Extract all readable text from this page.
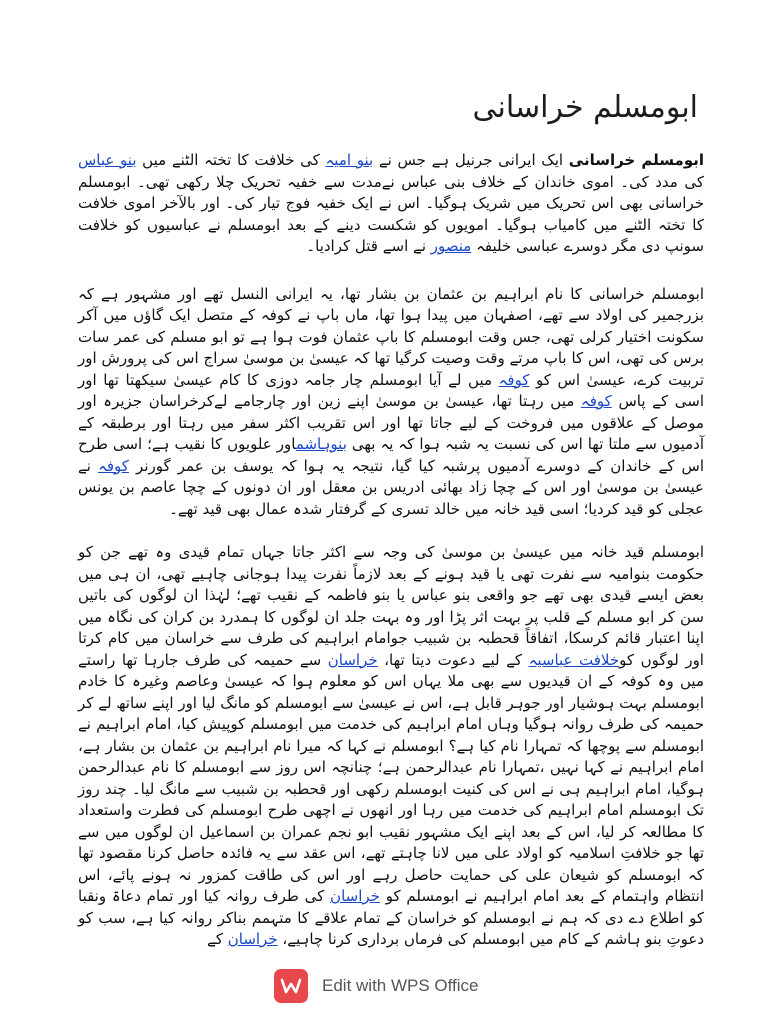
ابومسلم خراسانی

ابومسلم خراسانی ایک ایرانی جرنیل ہے جس نے بنو امیہ کی خلافت کا تختہ الٹنے میں بنو عباس کی مدد کی۔ اموی خاندان کے خلاف بنی عباس نےمدت سے خفیہ تحریک چلا رکھی تھی۔ ابومسلم خراسانی بھی اس تحریک میں شریک ہوگیا۔ اس نے ایک خفیہ فوج تیار کی۔ اور بالآخر اموی خلافت کا تختہ الٹنے میں کامیاب ہوگیا۔ امویوں کو شکست دینے کے بعد ابومسلم نے عباسیوں کو خلافت سونپ دی مگر دوسرے عباسی خلیفہ منصور نے اسے قتل کرادیا۔

ابومسلم خراسانی کا نام ابراہیم بن عثمان بن بشار تھا، یہ ایرانی النسل تھے اور مشہور ہے کہ بزرجمیر کی اولاد سے تھے، اصفہان میں پیدا ہوا تھا، ماں باپ نے کوفہ کے متصل ایک گاؤں میں آکر سکونت اختیار کرلی تھی، جس وقت ابومسلم کا باپ عثمان فوت ہوا ہے تو ابو مسلم کی عمر سات برس کی تھی، اس کا باپ مرتے وقت وصیت کرگیا تھا کہ عیسیٰ بن موسیٰ سراج اس کی پرورش اور تربیت کرے، عیسیٰ اس کو کوفہ میں لے آیا ابومسلم چار جامہ دوزی کا کام عیسیٰ سیکھتا تھا اور اسی کے پاس کوفہ میں رہتا تھا، عیسیٰ بن موسیٰ اپنے زین اور چارجامے لےکرخراسان جزیرہ اور موصل کے علاقوں میں فروخت کے لیے جاتا تھا اور اس تقریب اکثر سفر میں رہتا اور برطبقہ کے آدمیوں سے ملتا تھا اس کی نسبت یہ شبہ ہوا کہ یہ بھی بنوہاشماور علویوں کا نقیب ہے؛ اسی طرح اس کے خاندان کے دوسرے آدمیوں پرشبہ کیا گیا، نتیجہ یہ ہوا کہ یوسف بن عمر گورنر کوفہ نے عیسیٰ بن موسیٰ اور اس کے چچا زاد بھائی ادریس بن معقل اور ان دونوں کے چچا عاصم بن یونس عجلی کو قید کردیا؛ اسی قید خانہ میں خالد تسری کے گرفتار شدہ عمال بھی قید تھے۔

ابومسلم قید خانہ میں عیسیٰ بن موسیٰ کی وجہ سے اکثر جاتا جہاں تمام قیدی وہ تھے جن کو حکومت بنوامیہ سے نفرت تھی یا قید ہونے کے بعد لازماً نفرت پیدا ہوجانی چاہیے تھی، ان ہی میں بعض ایسے قیدی بھی تھے جو واقعی بنو عباس یا بنو فاطمہ کے نقیب تھے؛ لہٰذا ان لوگوں کی باتیں سن کر ابو مسلم کے قلب پر بہت اثر پڑا اور وہ بہت جلد ان لوگوں کا ہمدرد بن کران کی نگاہ میں اپنا اعتبار قائم کرسکا، اتفاقاً قحطبہ بن شبیب جوامام ابراہیم کی طرف سے خراسان میں کام کرتا اور لوگوں کوخلافت عباسیہ کے لیے دعوت دیتا تھا، خراسان سے حمیمہ کی طرف جارہا تھا راستے میں وہ کوفہ کے ان قیدیوں سے بھی ملا یہاں اس کو معلوم ہوا کہ عیسیٰ وعاصم وغیرہ کا خادم ابومسلم بہت ہوشیار اور جوہر قابل ہے، اس نے عیسیٰ سے ابومسلم کو مانگ لیا اور اپنے ساتھ لے کر حمیمہ کی طرف روانہ ہوگیا وہاں امام ابراہیم کی خدمت میں ابومسلم کوپیش کیا، امام ابراہیم نے ابومسلم سے پوچھا کہ تمہارا نام کیا ہے؟ ابومسلم نے کہا کہ میرا نام ابراہیم بن عثمان بن بشار ہے، امام ابراہیم نے کہا نہیں ،تمہارا نام عبدالرحمن ہے؛ چنانچہ اس روز سے ابومسلم کا نام عبدالرحمن ہوگیا، امام ابراہیم ہی نے اس کی کنیت ابومسلم رکھی اور قحطبہ بن شبیب سے مانگ لیا۔ چند روز تک ابومسلم امام ابراہیم کی خدمت میں رہا اور انھوں نے اچھی طرح ابومسلم کی فطرت واستعداد کا مطالعہ کر لیا، اس کے بعد اپنے ایک مشہور نقیب ابو نجم عمران بن اسماعیل ان لوگوں میں سے تھا جو خلافتِ اسلامیہ کو اولاد علی میں لانا چاہتے تھے، اس عقد سے یہ فائدہ حاصل کرنا مقصود تھا کہ ابومسلم کو شیعان علی کی حمایت حاصل رہے اور اس کی طاقت کمزور نہ ہونے پائے، اس انتظام واہتمام کے بعد امام ابراہیم نے ابومسلم کو خراسان کی طرف روانہ کیا اور تمام دعاۃ ونقبا کو اطلاع دے دی کہ ہم نے ابومسلم کو خراسان کے تمام علاقے کا متہمم بناکر روانہ کیا ہے، سب کو دعوتِ بنو ہاشم کے کام میں ابومسلم کی فرماں برداری کرنا چاہیے، خراسان کے

Edit with WPS Office
